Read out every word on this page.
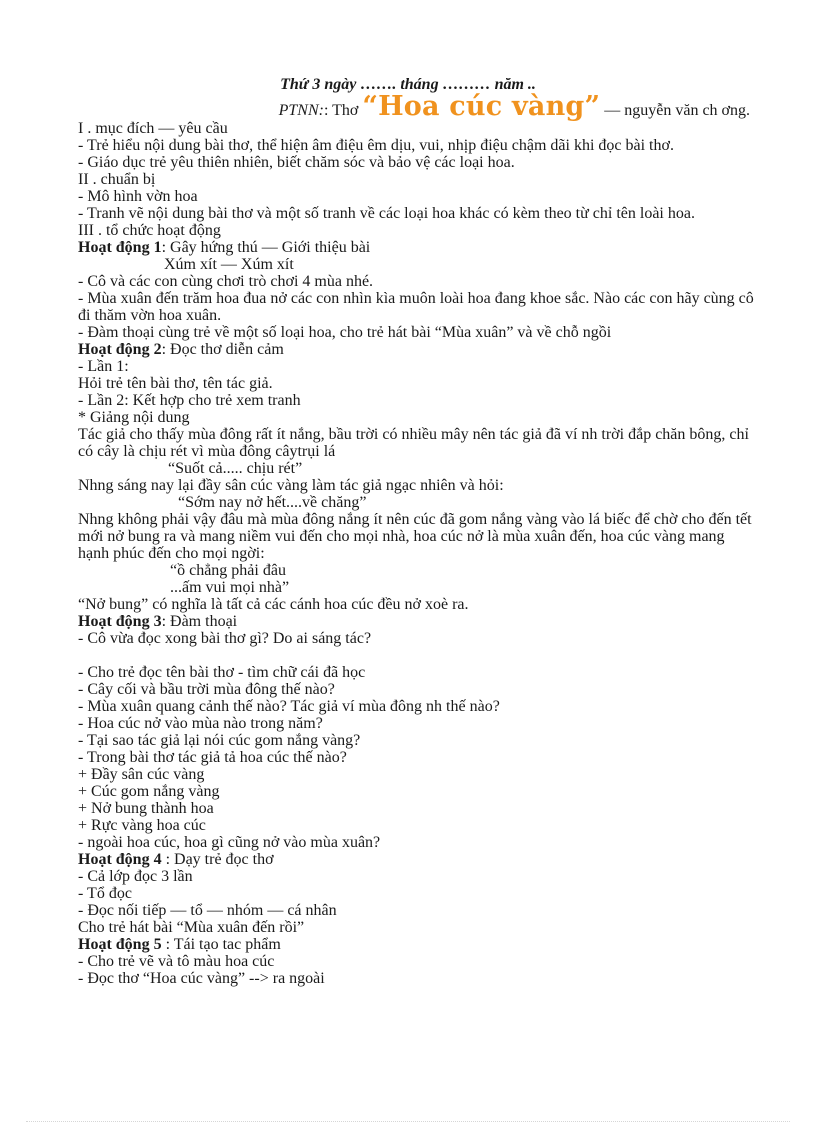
Thứ 3 ngày ……. tháng ……… năm ..
PTNN:: Thơ “Hoa cúc vàng” — nguyễn văn ch ơng.
I . mục đích — yêu cầu
- Trẻ hiểu nội dung bài thơ, thể hiện âm điệu êm dịu, vui, nhịp điệu chậm dãi khi đọc bài thơ.
- Giáo dục trẻ yêu thiên nhiên, biết chăm sóc và bảo vệ các loại hoa.
II . chuẩn bị
- Mô hình vờn hoa
- Tranh vẽ nội dung bài thơ và một số tranh về các loại hoa khác có kèm theo từ chỉ tên loài hoa.
III . tổ chức hoạt động
Hoạt động 1: Gây hứng thú — Giới thiệu bài
Xúm xít — Xúm xít
- Cô và các con cùng chơi trò chơi 4 mùa nhé.
- Mùa xuân đến trăm hoa đua nở các con nhìn kìa muôn loài hoa đang khoe sắc. Nào các con hãy cùng cô đi thăm vờn hoa xuân.
- Đàm thoại cùng trẻ về một số loại hoa, cho trẻ hát bài “Mùa xuân” và về chỗ ngồi
Hoạt động 2: Đọc thơ diễn cảm
- Lần 1:
Hỏi trẻ tên bài thơ, tên tác giả.
- Lần 2: Kết hợp cho trẻ xem tranh
* Giảng nội dung
Tác giả cho thấy mùa đông rất ít nắng, bầu trời có nhiều mây nên tác giả đã ví nh trời đắp chăn bông, chỉ có cây là chịu rét vì mùa đông câytrụi lá
“Suốt cả..... chịu rét”
Nhng sáng nay lại đầy sân cúc vàng làm tác giả ngạc nhiên và hỏi:
“Sớm nay nở hết....về chăng”
Nhng không phải vậy đâu mà mùa đông nắng ít nên cúc đã gom nắng vàng vào lá biếc để chờ cho đến tết mới nở bung ra và mang niềm vui đến cho mọi nhà, hoa cúc nở là mùa xuân đến, hoa cúc vàng mang hạnh phúc đến cho mọi ngời:
“ồ chẳng phải đâu
...ấm vui mọi nhà”
“Nở bung” có nghĩa là tất cả các cánh hoa cúc đều nở xoè ra.
Hoạt động 3: Đàm thoại
- Cô vừa đọc xong bài thơ gì? Do ai sáng tác?
- Cho trẻ đọc tên bài thơ - tìm chữ cái đã học
- Cây cối và bầu trời mùa đông thế nào?
- Mùa xuân quang cảnh thế nào? Tác giả ví mùa đông nh thế nào?
- Hoa cúc nở vào mùa nào trong năm?
- Tại sao tác giả lại nói cúc gom nắng vàng?
- Trong bài thơ tác giả tả hoa cúc thế nào?
+ Đầy sân cúc vàng
+ Cúc gom nắng vàng
+ Nở bung thành hoa
+ Rực vàng hoa cúc
- ngoài hoa cúc, hoa gì cũng nở vào mùa xuân?
Hoạt động 4 : Dạy trẻ đọc thơ
- Cả lớp đọc 3 lần
- Tổ đọc
- Đọc nối tiếp — tổ — nhóm — cá nhân
Cho trẻ hát bài “Mùa xuân đến rồi”
Hoạt động 5 : Tái tạo tac phẩm
- Cho trẻ vẽ và tô màu hoa cúc
- Đọc thơ “Hoa cúc vàng” --> ra ngoài
